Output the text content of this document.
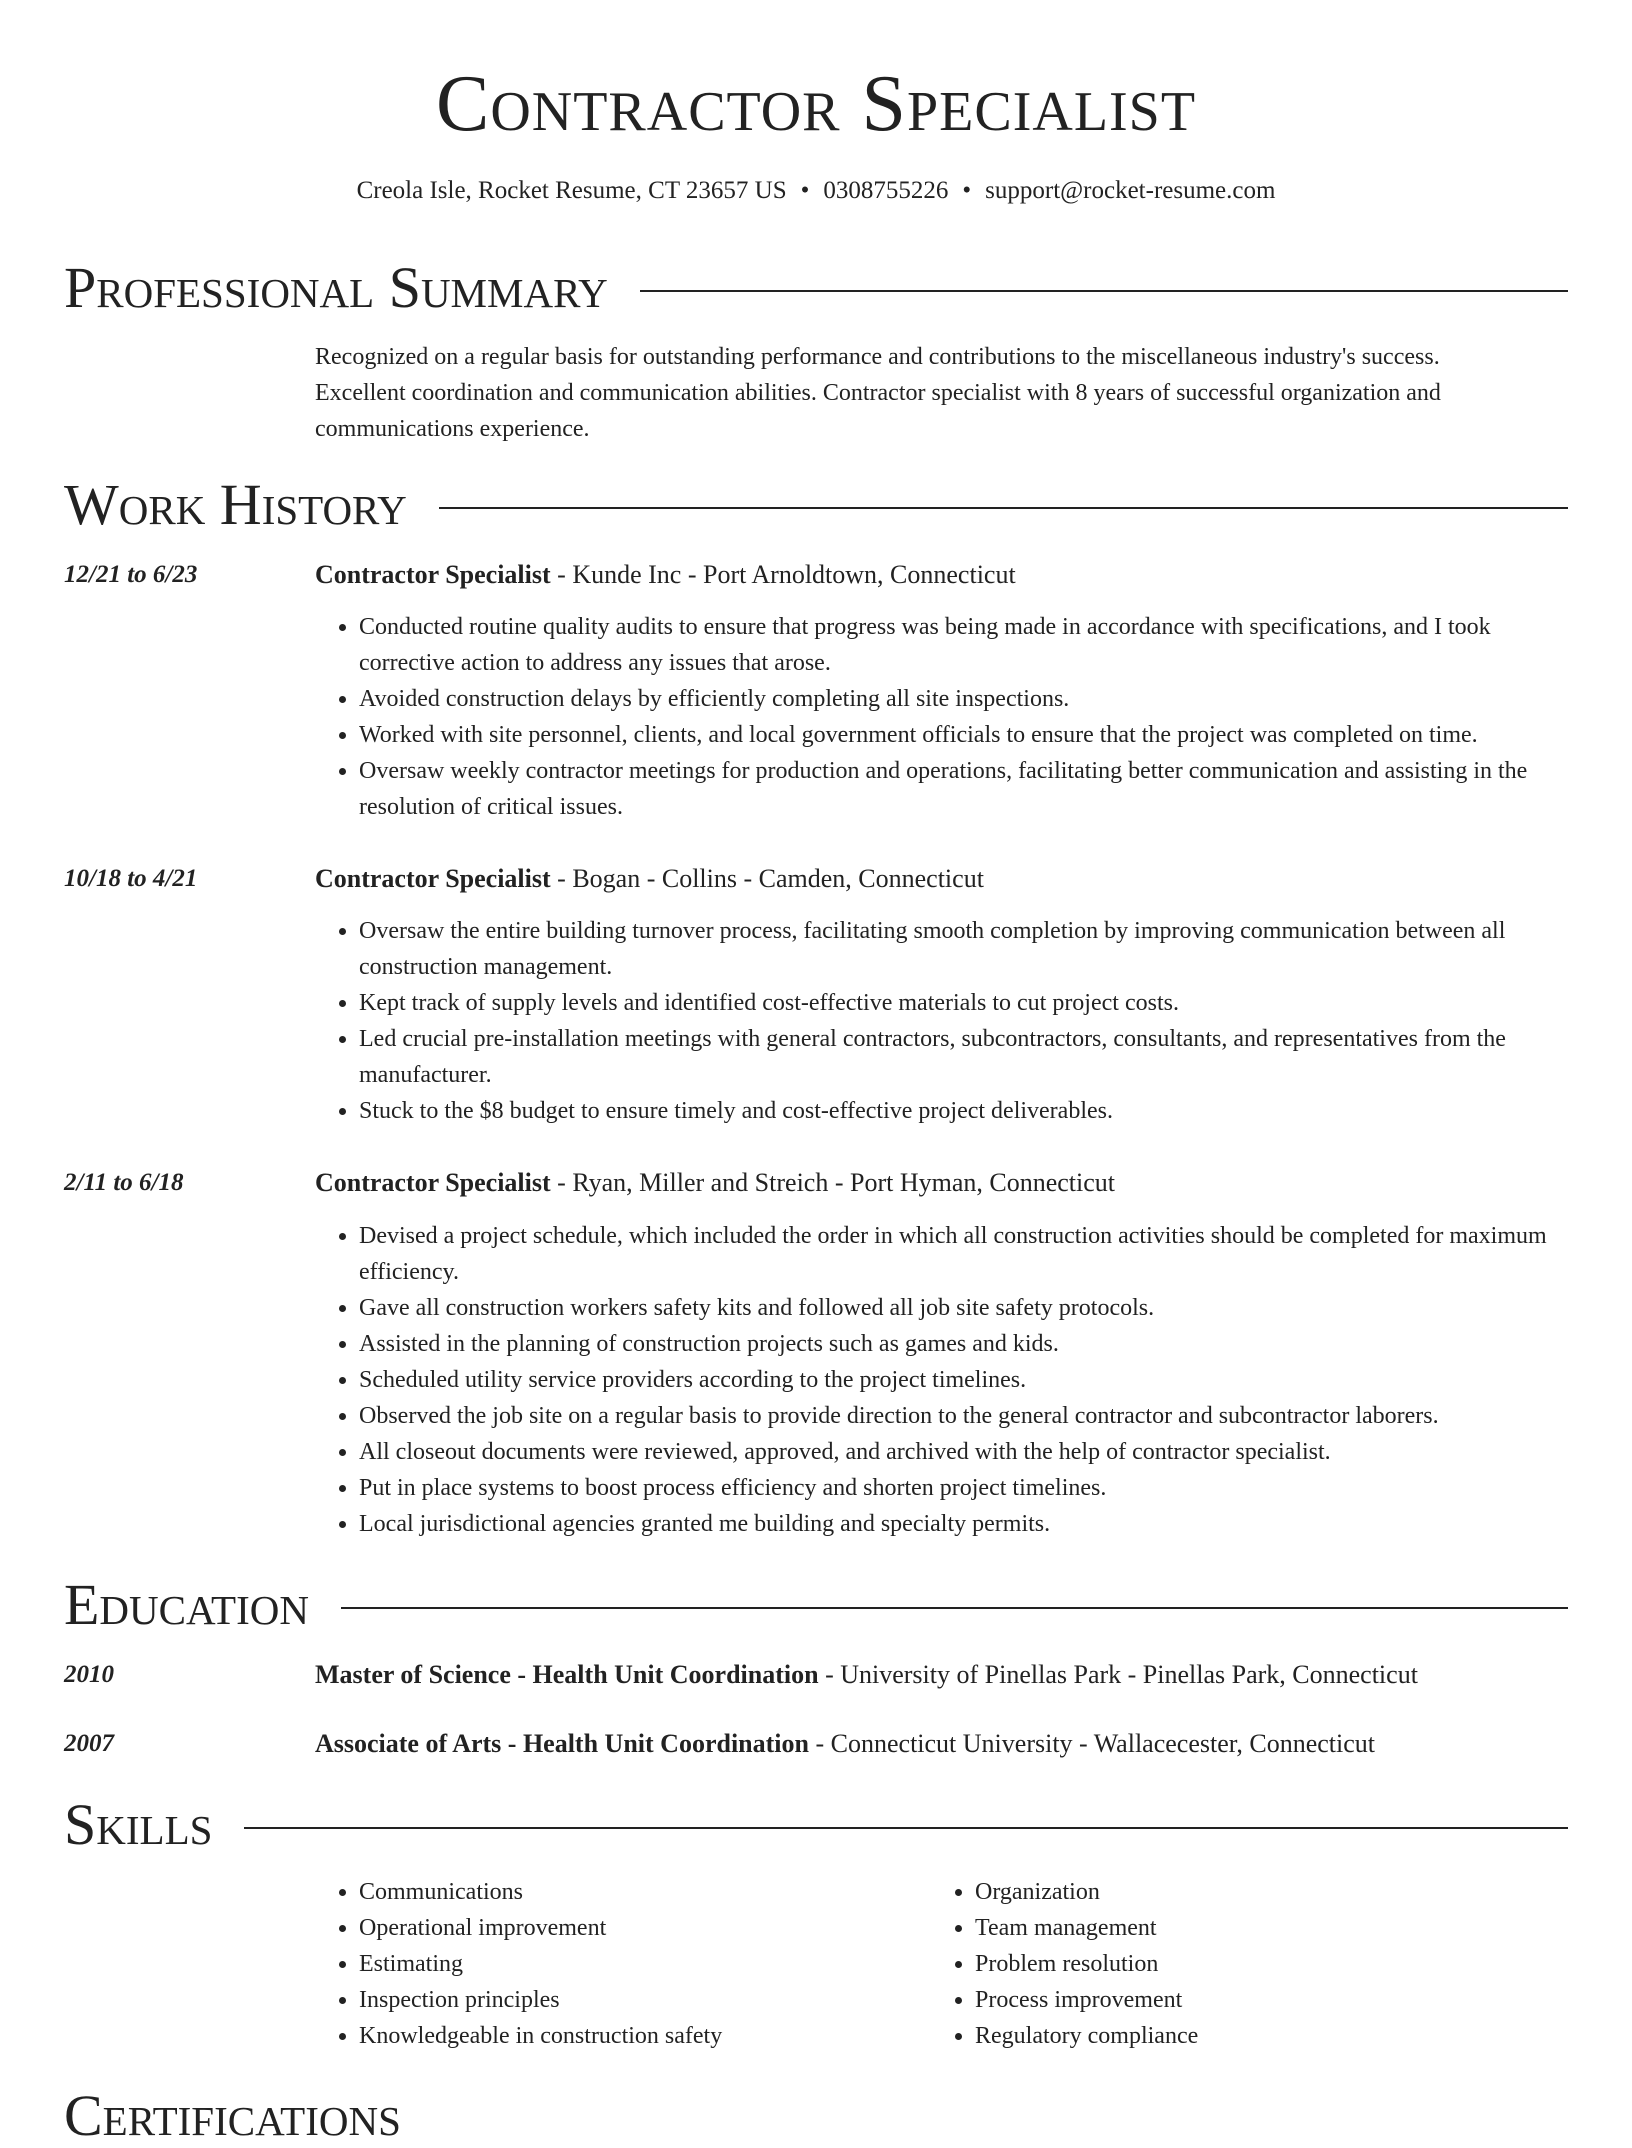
Contractor Specialist
Creola Isle, Rocket Resume, CT 23657 US • 0308755226 • support@rocket-resume.com
Professional Summary
Recognized on a regular basis for outstanding performance and contributions to the miscellaneous industry's success. Excellent coordination and communication abilities. Contractor specialist with 8 years of successful organization and communications experience.
Work History
12/21 to 6/23	Contractor Specialist - Kunde Inc - Port Arnoldtown, Connecticut
• Conducted routine quality audits to ensure that progress was being made in accordance with specifications, and I took corrective action to address any issues that arose.
• Avoided construction delays by efficiently completing all site inspections.
• Worked with site personnel, clients, and local government officials to ensure that the project was completed on time.
• Oversaw weekly contractor meetings for production and operations, facilitating better communication and assisting in the resolution of critical issues.
10/18 to 4/21	Contractor Specialist - Bogan - Collins - Camden, Connecticut
• Oversaw the entire building turnover process, facilitating smooth completion by improving communication between all construction management.
• Kept track of supply levels and identified cost-effective materials to cut project costs.
• Led crucial pre-installation meetings with general contractors, subcontractors, consultants, and representatives from the manufacturer.
• Stuck to the $8 budget to ensure timely and cost-effective project deliverables.
2/11 to 6/18	Contractor Specialist - Ryan, Miller and Streich - Port Hyman, Connecticut
• Devised a project schedule, which included the order in which all construction activities should be completed for maximum efficiency.
• Gave all construction workers safety kits and followed all job site safety protocols.
• Assisted in the planning of construction projects such as games and kids.
• Scheduled utility service providers according to the project timelines.
• Observed the job site on a regular basis to provide direction to the general contractor and subcontractor laborers.
• All closeout documents were reviewed, approved, and archived with the help of contractor specialist.
• Put in place systems to boost process efficiency and shorten project timelines.
• Local jurisdictional agencies granted me building and specialty permits.
Education
2010	Master of Science - Health Unit Coordination - University of Pinellas Park - Pinellas Park, Connecticut
2007	Associate of Arts - Health Unit Coordination - Connecticut University - Wallacecester, Connecticut
Skills
• Communications
• Operational improvement
• Estimating
• Inspection principles
• Knowledgeable in construction safety
• Organization
• Team management
• Problem resolution
• Process improvement
• Regulatory compliance
Certifications
